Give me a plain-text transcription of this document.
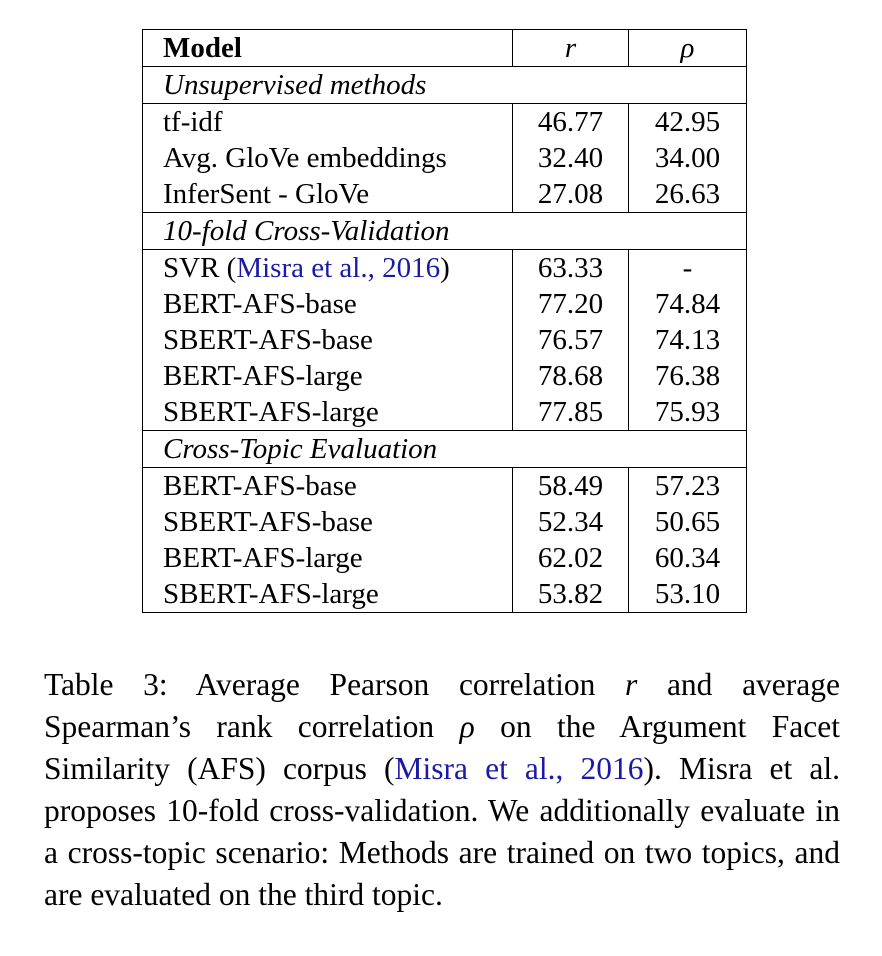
Model	r	ρ
Unsupervised methods		
tf-idf	46.77	42.95
Avg. GloVe embeddings	32.40	34.00
InferSent - GloVe	27.08	26.63
10-fold Cross-Validation		
SVR (Misra et al., 2016)	63.33	-
BERT-AFS-base	77.20	74.84
SBERT-AFS-base	76.57	74.13
BERT-AFS-large	78.68	76.38
SBERT-AFS-large	77.85	75.93
Cross-Topic Evaluation		
BERT-AFS-base	58.49	57.23
SBERT-AFS-base	52.34	50.65
BERT-AFS-large	62.02	60.34
SBERT-AFS-large	53.82	53.10
Table 3: Average Pearson correlation r and average Spearman’s rank correlation ρ on the Argument Facet Similarity (AFS) corpus (Misra et al., 2016). Misra et al. proposes 10-fold cross-validation. We additionally evaluate in a cross-topic scenario: Methods are trained on two topics, and are evaluated on the third topic.
